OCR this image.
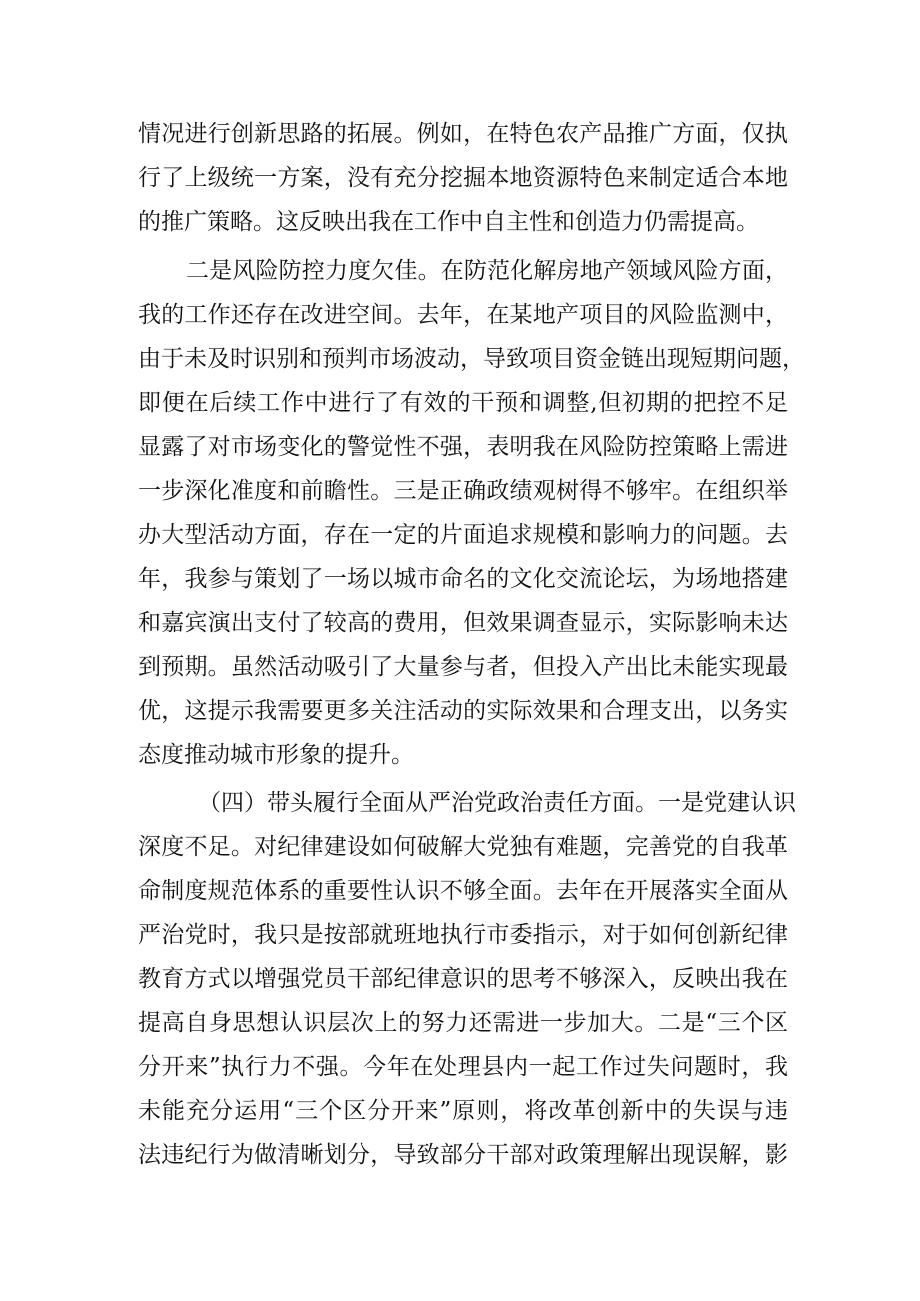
情况进行创新思路的拓展。例如，在特色农产品推广方面，仅执
行了上级统一方案，没有充分挖掘本地资源特色来制定适合本地
的推广策略。这反映出我在工作中自主性和创造力仍需提高。
二是风险防控力度欠佳。在防范化解房地产领域风险方面，
我的工作还存在改进空间。去年，在某地产项目的风险监测中，
由于未及时识别和预判市场波动，导致项目资金链出现短期问题，
即便在后续工作中进行了有效的干预和调整,但初期的把控不足
显露了对市场变化的警觉性不强，表明我在风险防控策略上需进
一步深化准度和前瞻性。三是正确政绩观树得不够牢。在组织举
办大型活动方面，存在一定的片面追求规模和影响力的问题。去
年，我参与策划了一场以城市命名的文化交流论坛，为场地搭建
和嘉宾演出支付了较高的费用，但效果调查显示，实际影响未达
到预期。虽然活动吸引了大量参与者，但投入产出比未能实现最
优，这提示我需要更多关注活动的实际效果和合理支出，以务实
态度推动城市形象的提升。
（四）带头履行全面从严治党政治责任方面。一是党建认识
深度不足。对纪律建设如何破解大党独有难题，完善党的自我革
命制度规范体系的重要性认识不够全面。去年在开展落实全面从
严治党时，我只是按部就班地执行市委指示，对于如何创新纪律
教育方式以增强党员干部纪律意识的思考不够深入，反映出我在
提高自身思想认识层次上的努力还需进一步加大。二是“三个区
分开来”执行力不强。今年在处理县内一起工作过失问题时，我
未能充分运用“三个区分开来”原则，将改革创新中的失误与违
法违纪行为做清晰划分，导致部分干部对政策理解出现误解，影
